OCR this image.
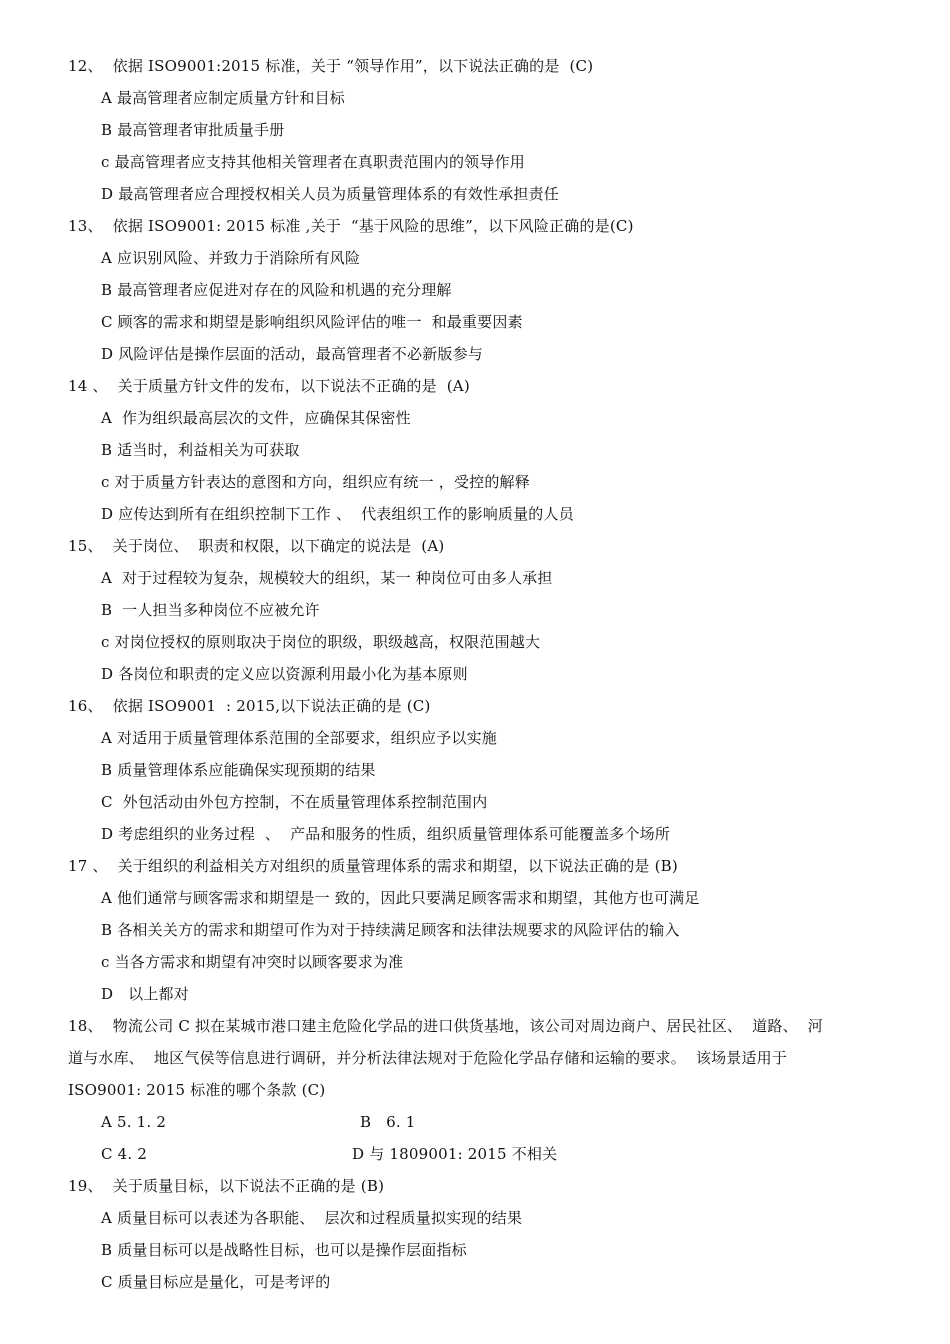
12、  依据 ISO9001:2015 标准，关于 “领导作用”，以下说法正确的是  (C)
A 最高管理者应制定质量方针和目标
B 最高管理者审批质量手册
c 最高管理者应支持其他相关管理者在真职责范围内的领导作用
D 最高管理者应合理授权相关人员为质量管理体系的有效性承担责任
13、  依据 ISO9001: 2015 标准 ,关于  “基于风险的思维”，以下风险正确的是(C)
A 应识别风险、并致力于消除所有风险
B 最高管理者应促进对存在的风险和机遇的充分理解
C 顾客的需求和期望是影响组织风险评估的唯一  和最重要因素
D 风险评估是操作层面的活动，最高管理者不必新版参与
14 、  关于质量方针文件的发布，以下说法不正确的是  (A)
A  作为组织最高层次的文件，应确保其保密性
B 适当时，利益相关为可获取
c 对于质量方针表达的意图和方向，组织应有统一 ，受控的解释
D 应传达到所有在组织控制下工作 、  代表组织工作的影响质量的人员
15、  关于岗位、  职责和权限，以下确定的说法是  (A)
A  对于过程较为复杂，规模较大的组织，某一 种岗位可由多人承担
B  一人担当多种岗位不应被允许
c 对岗位授权的原则取决于岗位的职级，职级越高，权限范围越大
D 各岗位和职责的定义应以资源利用最小化为基本原则
16、  依据 ISO9001  : 2015,以下说法正确的是 (C)
A 对适用于质量管理体系范围的全部要求，组织应予以实施
B 质量管理体系应能确保实现预期的结果
C  外包活动由外包方控制，不在质量管理体系控制范围内
D 考虑组织的业务过程  、  产品和服务的性质，组织质量管理体系可能覆盖多个场所
17 、  关于组织的利益相关方对组织的质量管理体系的需求和期望，以下说法正确的是 (B)
A 他们通常与顾客需求和期望是一 致的，因此只要满足顾客需求和期望，其他方也可满足
B 各相关关方的需求和期望可作为对于持续满足顾客和法律法规要求的风险评估的输入
c 当各方需求和期望有冲突时以顾客要求为准
D   以上都对
18、  物流公司 C 拟在某城市港口建主危险化学品的进口供货基地，该公司对周边商户、居民社区、  道路、  河
道与水库、  地区气侯等信息进行调研，并分析法律法规对于危险化学品存储和运输的要求。  该场景适用于
ISO9001: 2015 标准的哪个条款 (C)
A 5. 1. 2	B   6. 1
C 4. 2	D 与 1809001: 2015 不相关
19、  关于质量目标，以下说法不正确的是 (B)
A 质量目标可以表述为各职能、  层次和过程质量拟实现的结果
B 质量目标可以是战略性目标，也可以是操作层面指标
C 质量目标应是量化，可是考评的
